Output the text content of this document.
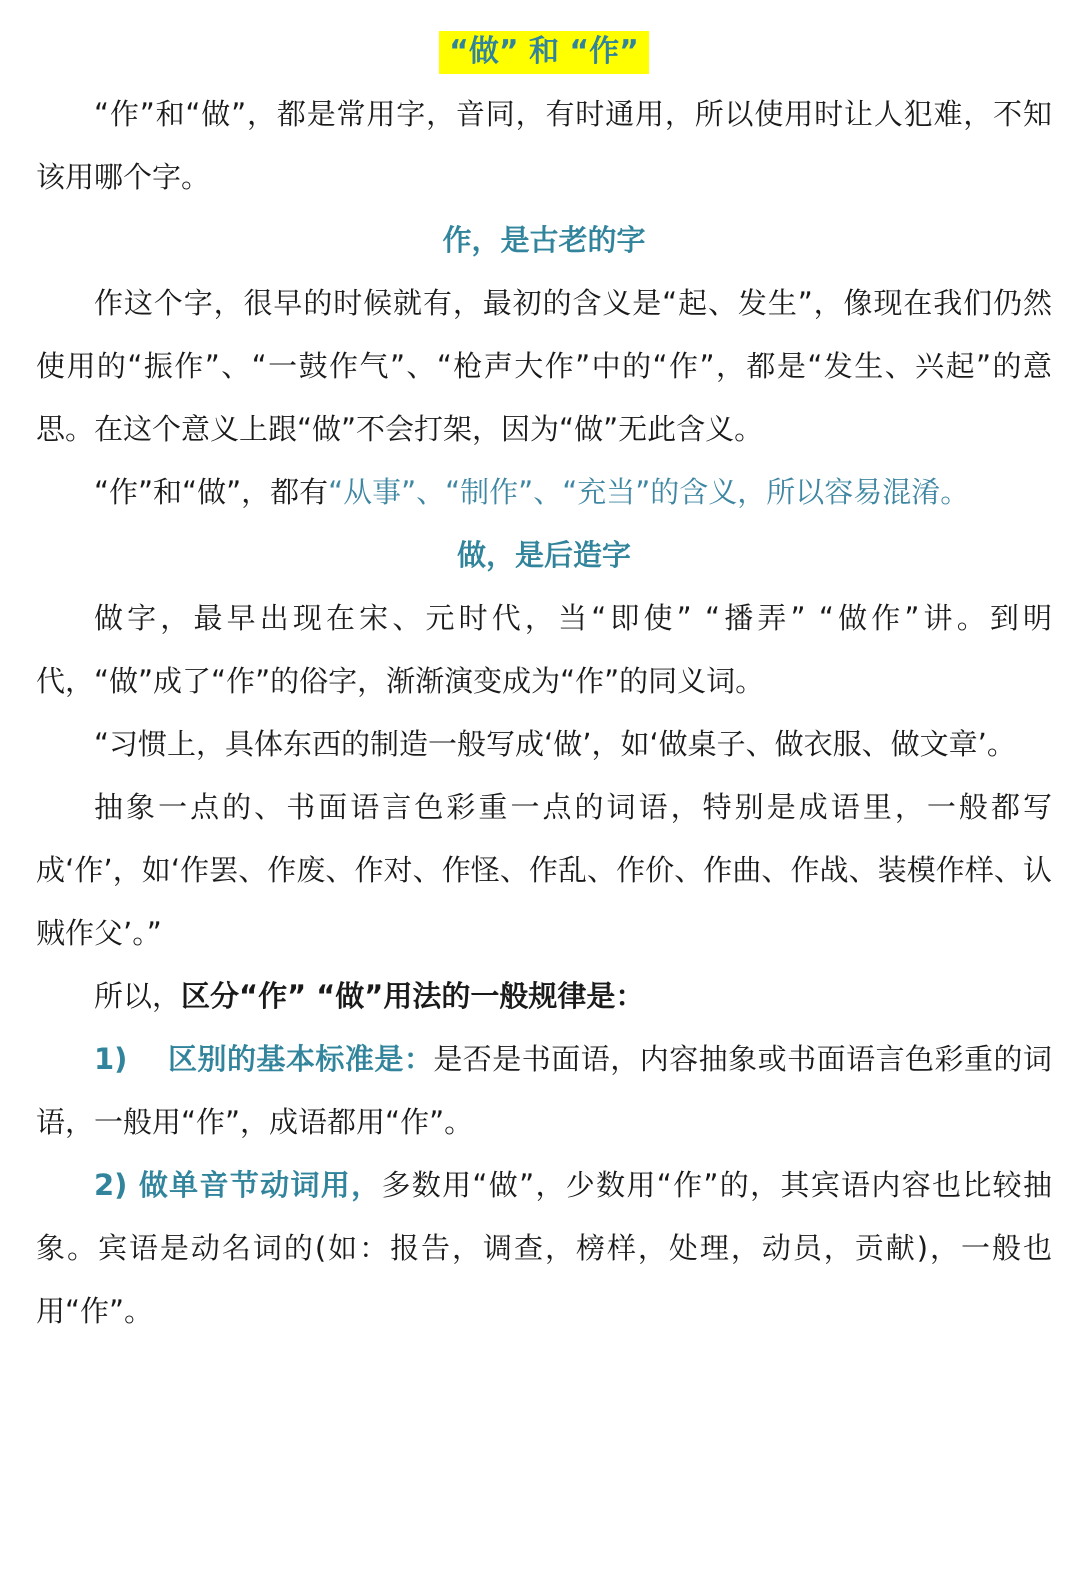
“做” 和 “作”

“作”和“做”，都是常用字，音同，有时通用，所以使用时让人犯难，不知该用哪个字。

作，是古老的字

作这个字，很早的时候就有，最初的含义是“起、发生”，像现在我们仍然使用的“振作”、“一鼓作气”、“枪声大作”中的“作”，都是“发生、兴起”的意思。在这个意义上跟“做”不会打架，因为“做”无此含义。

“作”和“做”，都有“从事”、“制作”、“充当”的含义，所以容易混淆。

做，是后造字

做字，最早出现在宋、元时代，当“即使” “播弄” “做作”讲。到明代，“做”成了“作”的俗字，渐渐演变成为“作”的同义词。

“习惯上，具体东西的制造一般写成‘做’，如‘做桌子、做衣服、做文章’。

抽象一点的、书面语言色彩重一点的词语，特别是成语里，一般都写成‘作’，如‘作罢、作废、作对、作怪、作乱、作价、作曲、作战、装模作样、认贼作父’。”

所以，区分“作” “做”用法的一般规律是：

1)　 区别的基本标准是：是否是书面语，内容抽象或书面语言色彩重的词语，一般用“作”，成语都用“作”。

2) 做单音节动词用，多数用“做”，少数用“作”的，其宾语内容也比较抽象。宾语是动名词的(如：报告，调查，榜样，处理，动员，贡献)，一般也用“作”。
